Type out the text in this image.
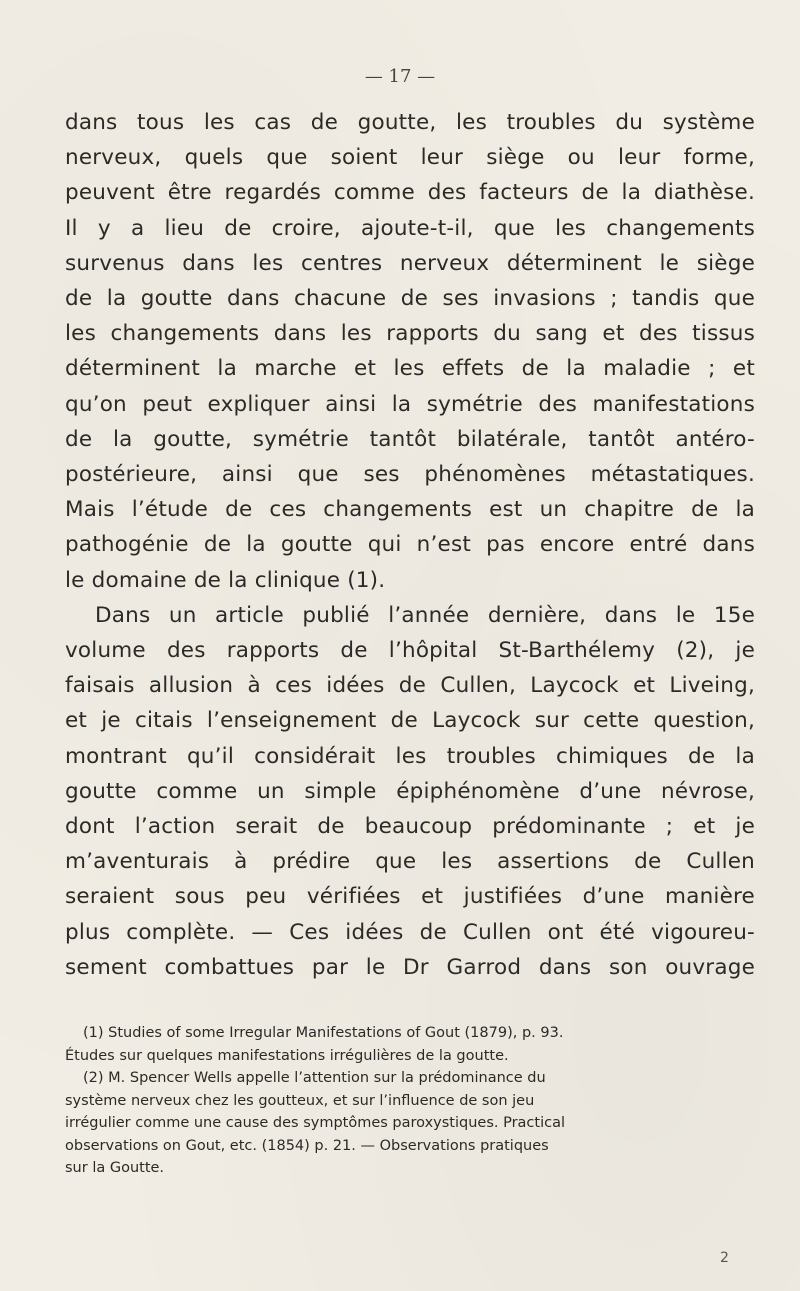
— 17 —
dans tous les cas de goutte, les troubles du système
nerveux, quels que soient leur siège ou leur forme,
peuvent être regardés comme des facteurs de la diathèse.
Il y a lieu de croire, ajoute-t-il, que les changements
survenus dans les centres nerveux déterminent le siège
de la goutte dans chacune de ses invasions ; tandis que
les changements dans les rapports du sang et des tissus
déterminent la marche et les effets de la maladie ; et
qu’on peut expliquer ainsi la symétrie des manifestations
de la goutte, symétrie tantôt bilatérale, tantôt antéro-
postérieure, ainsi que ses phénomènes métastatiques.
Mais l’étude de ces changements est un chapitre de la
pathogénie de la goutte qui n’est pas encore entré dans
le domaine de la clinique (1).
Dans un article publié l’année dernière, dans le 15e
volume des rapports de l’hôpital St-Barthélemy (2), je
faisais allusion à ces idées de Cullen, Laycock et Liveing,
et je citais l’enseignement de Laycock sur cette question,
montrant qu’il considérait les troubles chimiques de la
goutte comme un simple épiphénomène d’une névrose,
dont l’action serait de beaucoup prédominante ; et je
m’aventurais à prédire que les assertions de Cullen
seraient sous peu vérifiées et justifiées d’une manière
plus complète. — Ces idées de Cullen ont été vigoureu-
sement combattues par le Dr Garrod dans son ouvrage
(1) Studies of some Irregular Manifestations of Gout (1879), p. 93.
Études sur quelques manifestations irrégulières de la goutte.
(2) M. Spencer Wells appelle l’attention sur la prédominance du
système nerveux chez les goutteux, et sur l’influence de son jeu
irrégulier comme une cause des symptômes paroxystiques. Practical
observations on Gout, etc. (1854) p. 21. — Observations pratiques
sur la Goutte.
2
